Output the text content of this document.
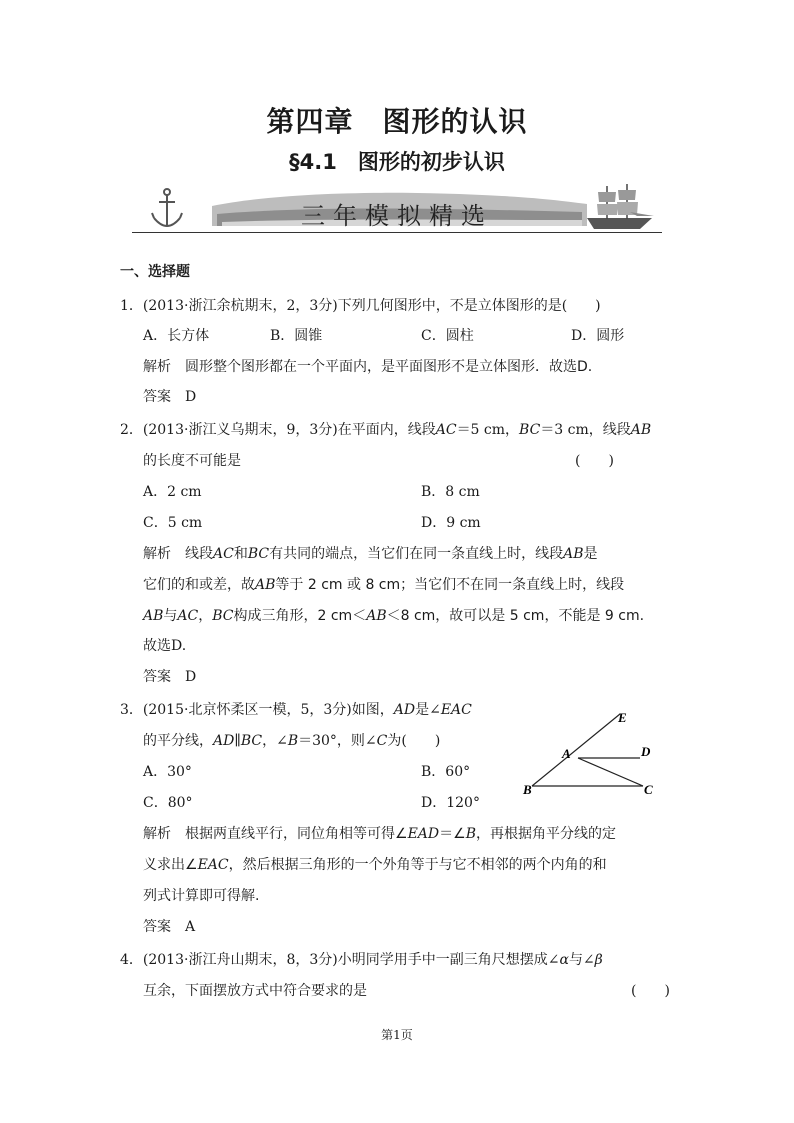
第四章　图形的认识
§4.1　图形的初步认识
三年模拟精选
一、选择题
1．(2013·浙江余杭期末，2，3分)下列几何图形中，不是立体图形的是(　　)
A．长方体	B．圆锥	C．圆柱	D．圆形
解析　 圆形整个图形都在一个平面内，是平面图形不是立体图形．故选D.
答案　 D
2．(2013·浙江义乌期末，9，3分)在平面内，线段AC＝5 cm，BC＝3 cm，线段AB
的长度不可能是	(　　)
A．2 cm	B．8 cm
C．5 cm	D．9 cm
解析　 线段AC和BC有共同的端点，当它们在同一条直线上时，线段AB是
它们的和或差，故AB等于 2 cm 或 8 cm；当它们不在同一条直线上时，线段
AB与AC，BC构成三角形，2 cm＜AB＜8 cm，故可以是 5 cm，不能是 9 cm.
故选D.
答案　 D
3．(2015·北京怀柔区一模，5，3分)如图，AD是∠EAC
的平分线，AD∥BC，∠B＝30°，则∠C为(　　)
A．30°	B．60°
C．80°	D．120°
E
A	D
B	C
解析　 根据两直线平行，同位角相等可得∠EAD＝∠B，再根据角平分线的定
义求出∠EAC，然后根据三角形的一个外角等于与它不相邻的两个内角的和
列式计算即可得解.
答案　 A
4．(2013·浙江舟山期末，8，3分)小明同学用手中一副三角尺想摆成∠α与∠β
互余，下面摆放方式中符合要求的是	(　　)
第1页
